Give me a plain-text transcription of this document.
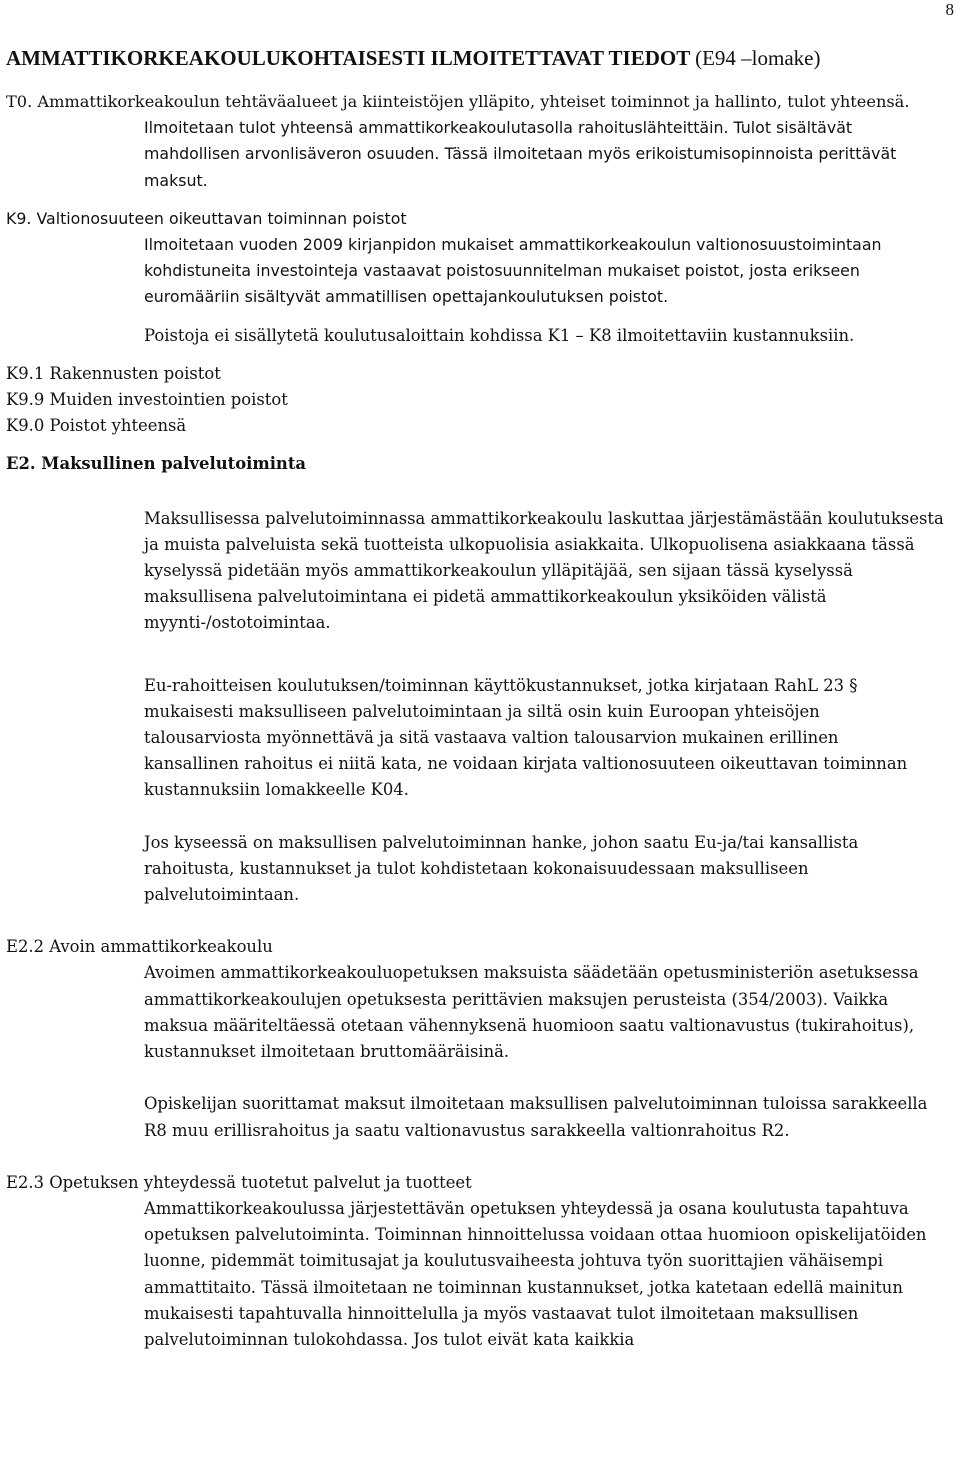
8
AMMATTIKORKEAKOULUKOHTAISESTI ILMOITETTAVAT TIEDOT (E94 –lomake)

T0. Ammattikorkeakoulun tehtäväalueet ja kiinteistöjen ylläpito, yhteiset toiminnot ja hallinto, tulot yhteensä.

Ilmoitetaan tulot yhteensä ammattikorkeakoulutasolla rahoituslähteittäin. Tulot sisältävät mahdollisen arvonlisäveron osuuden. Tässä ilmoitetaan myös erikoistumisopinnoista perittävät maksut.

K9. Valtionosuuteen oikeuttavan toiminnan poistot

Ilmoitetaan vuoden 2009 kirjanpidon mukaiset ammattikorkeakoulun valtionosuustoimintaan kohdistuneita investointeja vastaavat poistosuunnitelman mukaiset poistot, josta erikseen euromääriin sisältyvät ammatillisen opettajankoulutuksen poistot.

Poistoja ei sisällytetä koulutusaloittain kohdissa K1 – K8 ilmoitettaviin kustannuksiin.

K9.1 Rakennusten poistot

K9.9 Muiden investointien poistot

K9.0 Poistot yhteensä

E2. Maksullinen palvelutoiminta

Maksullisessa palvelutoiminnassa ammattikorkeakoulu laskuttaa järjestämästään koulutuksesta ja muista palveluista sekä tuotteista ulkopuolisia asiakkaita. Ulkopuolisena asiakkaana tässä kyselyssä pidetään myös ammattikorkeakoulun ylläpitäjää, sen sijaan tässä kyselyssä maksullisena palvelutoimintana ei pidetä ammattikorkeakoulun yksiköiden välistä myynti-/ostotoimintaa.

Eu-rahoitteisen koulutuksen/toiminnan käyttökustannukset, jotka kirjataan RahL 23 § mukaisesti maksulliseen palvelutoimintaan ja siltä osin kuin Euroopan yhteisöjen talousarviosta myönnettävä ja sitä vastaava valtion talousarvion mukainen erillinen kansallinen rahoitus ei niitä kata, ne voidaan kirjata valtionosuuteen oikeuttavan toiminnan kustannuksiin lomakkeelle K04.

Jos kyseessä on maksullisen palvelutoiminnan hanke, johon saatu Eu-ja/tai kansallista rahoitusta, kustannukset ja tulot kohdistetaan kokonaisuudessaan maksulliseen palvelutoimintaan.

E2.2 Avoin ammattikorkeakoulu

Avoimen ammattikorkeakouluopetuksen maksuista säädetään opetusministeriön asetuksessa ammattikorkeakoulujen opetuksesta perittävien maksujen perusteista (354/2003). Vaikka maksua määriteltäessä otetaan vähennyksenä huomioon saatu valtionavustus (tukirahoitus), kustannukset ilmoitetaan bruttomääräisinä.

Opiskelijan suorittamat maksut ilmoitetaan maksullisen palvelutoiminnan tuloissa sarakkeella R8 muu erillisrahoitus ja saatu valtionavustus sarakkeella valtionrahoitus R2.

E2.3 Opetuksen yhteydessä tuotetut palvelut ja tuotteet

Ammattikorkeakoulussa järjestettävän opetuksen yhteydessä ja osana koulutusta tapahtuva opetuksen palvelutoiminta. Toiminnan hinnoittelussa voidaan ottaa huomioon opiskelijatöiden luonne, pidemmät toimitusajat ja koulutusvaiheesta johtuva työn suorittajien vähäisempi ammattitaito. Tässä ilmoitetaan ne toiminnan kustannukset, jotka katetaan edellä mainitun mukaisesti tapahtuvalla hinnoittelulla ja myös vastaavat tulot ilmoitetaan maksullisen palvelutoiminnan tulokohdassa. Jos tulot eivät kata kaikkia
